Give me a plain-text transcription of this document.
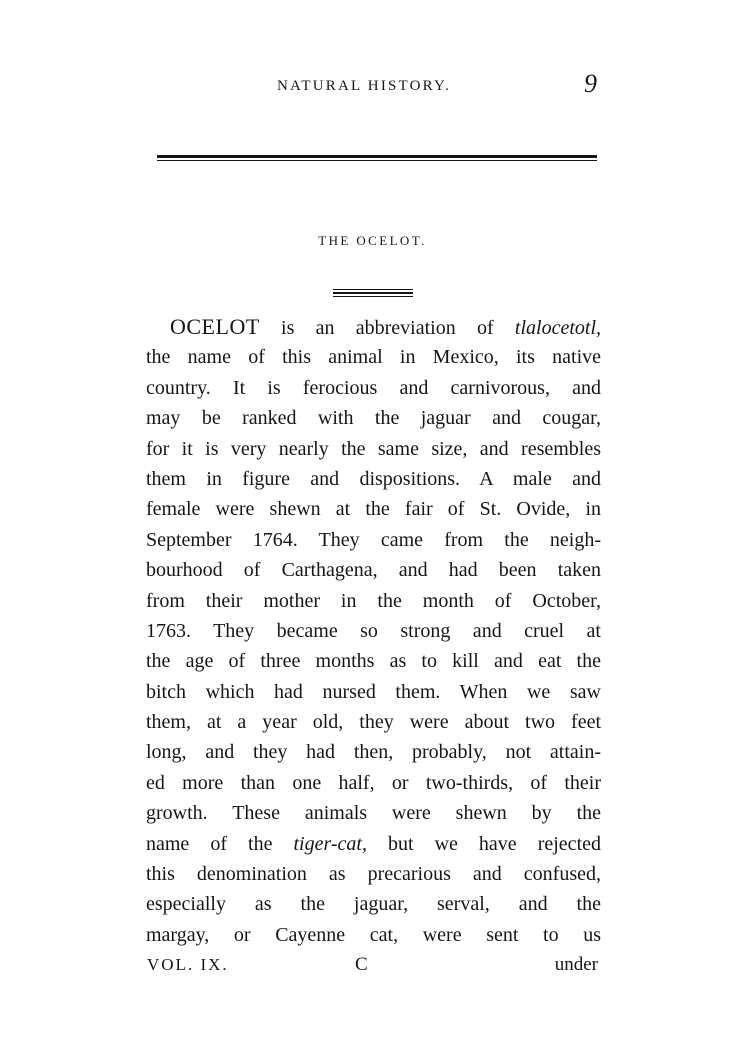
NATURAL HISTORY.	9
THE OCELOT.
OCELOT is an abbreviation of tlalocetotl,
the name of this animal in Mexico, its native
country. It is ferocious and carnivorous, and
may be ranked with the jaguar and cougar,
for it is very nearly the same size, and resembles
them in figure and dispositions. A male and
female were shewn at the fair of St. Ovide, in
September 1764. They came from the neigh-
bourhood of Carthagena, and had been taken
from their mother in the month of October,
1763. They became so strong and cruel at
the age of three months as to kill and eat the
bitch which had nursed them. When we saw
them, at a year old, they were about two feet
long, and they had then, probably, not attain-
ed more than one half, or two-thirds, of their
growth. These animals were shewn by the
name of the tiger-cat, but we have rejected
this denomination as precarious and confused,
especially as the jaguar, serval, and the
margay, or Cayenne cat, were sent to us
VOL. IX.	C	under
